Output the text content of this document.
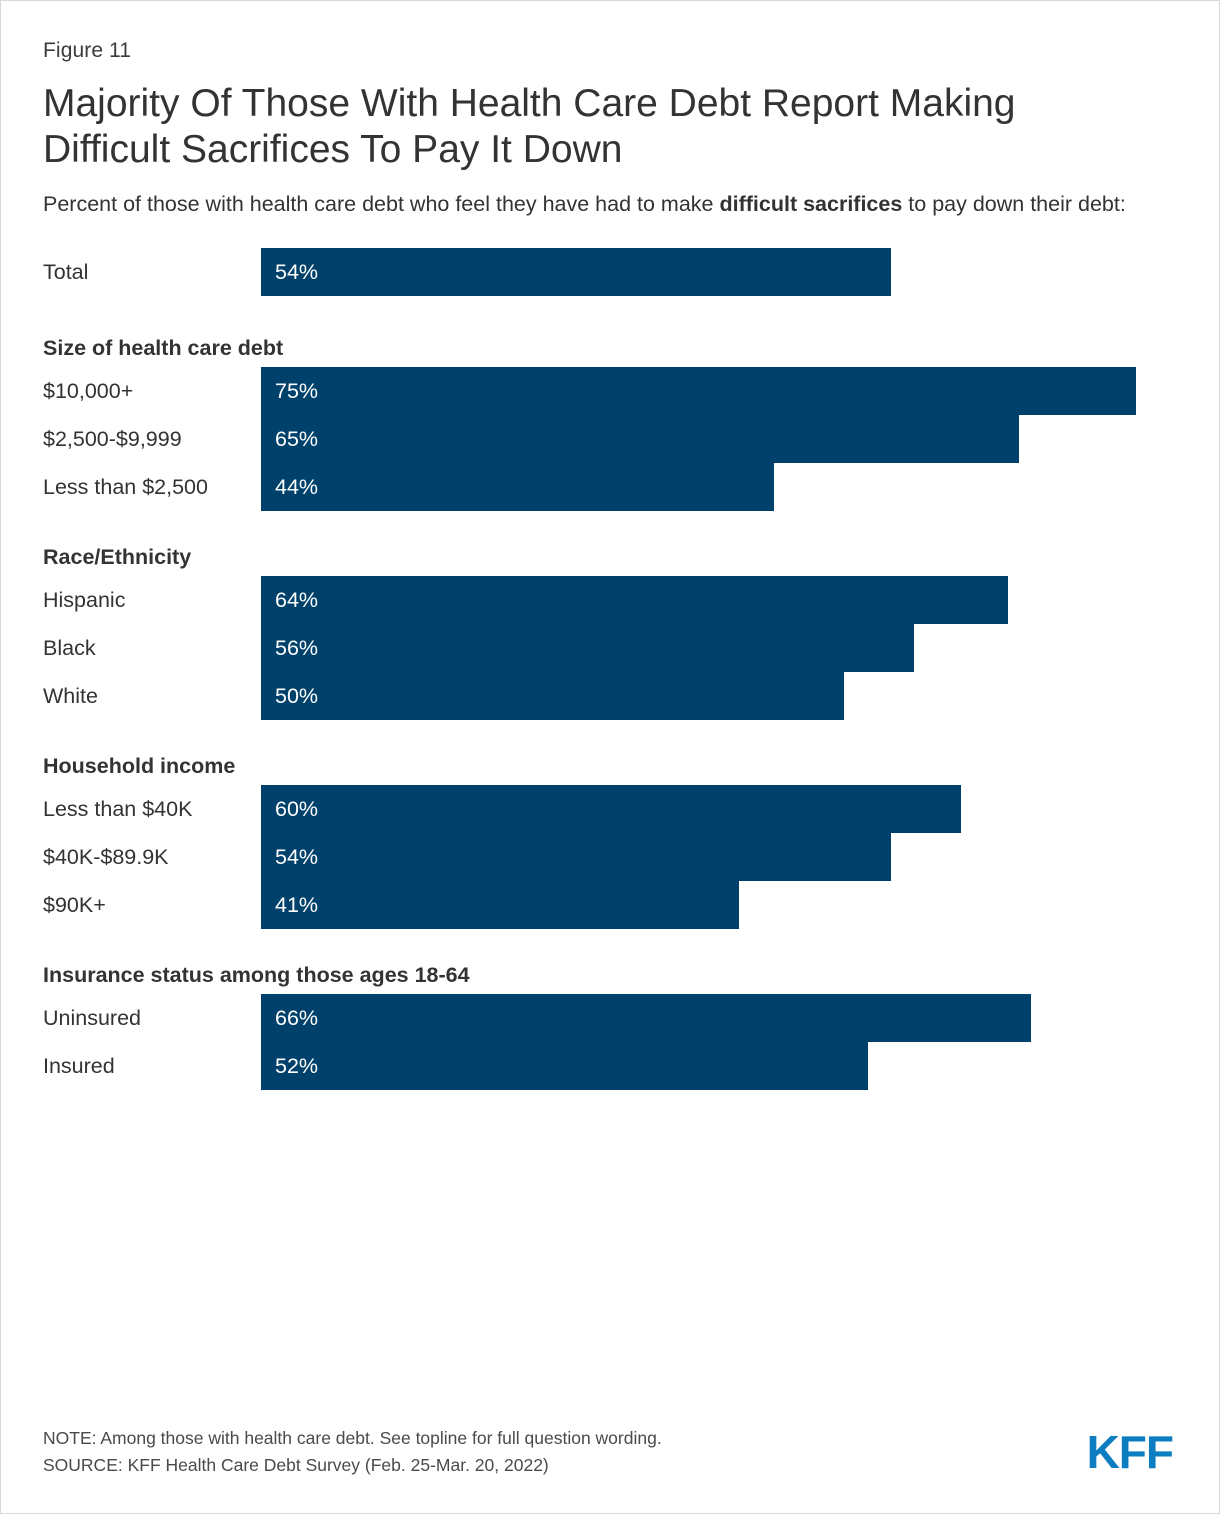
Figure 11
Majority Of Those With Health Care Debt Report Making Difficult Sacrifices To Pay It Down
Percent of those with health care debt who feel they have had to make difficult sacrifices to pay down their debt:
Total	54%
Size of health care debt
$10,000+	75%
$2,500-$9,999	65%
Less than $2,500	44%
Race/Ethnicity
Hispanic	64%
Black	56%
White	50%
Household income
Less than $40K	60%
$40K-$89.9K	54%
$90K+	41%
Insurance status among those ages 18-64
Uninsured	66%
Insured	52%
NOTE: Among those with health care debt. See topline for full question wording.
SOURCE: KFF Health Care Debt Survey (Feb. 25-Mar. 20, 2022)	KFF
